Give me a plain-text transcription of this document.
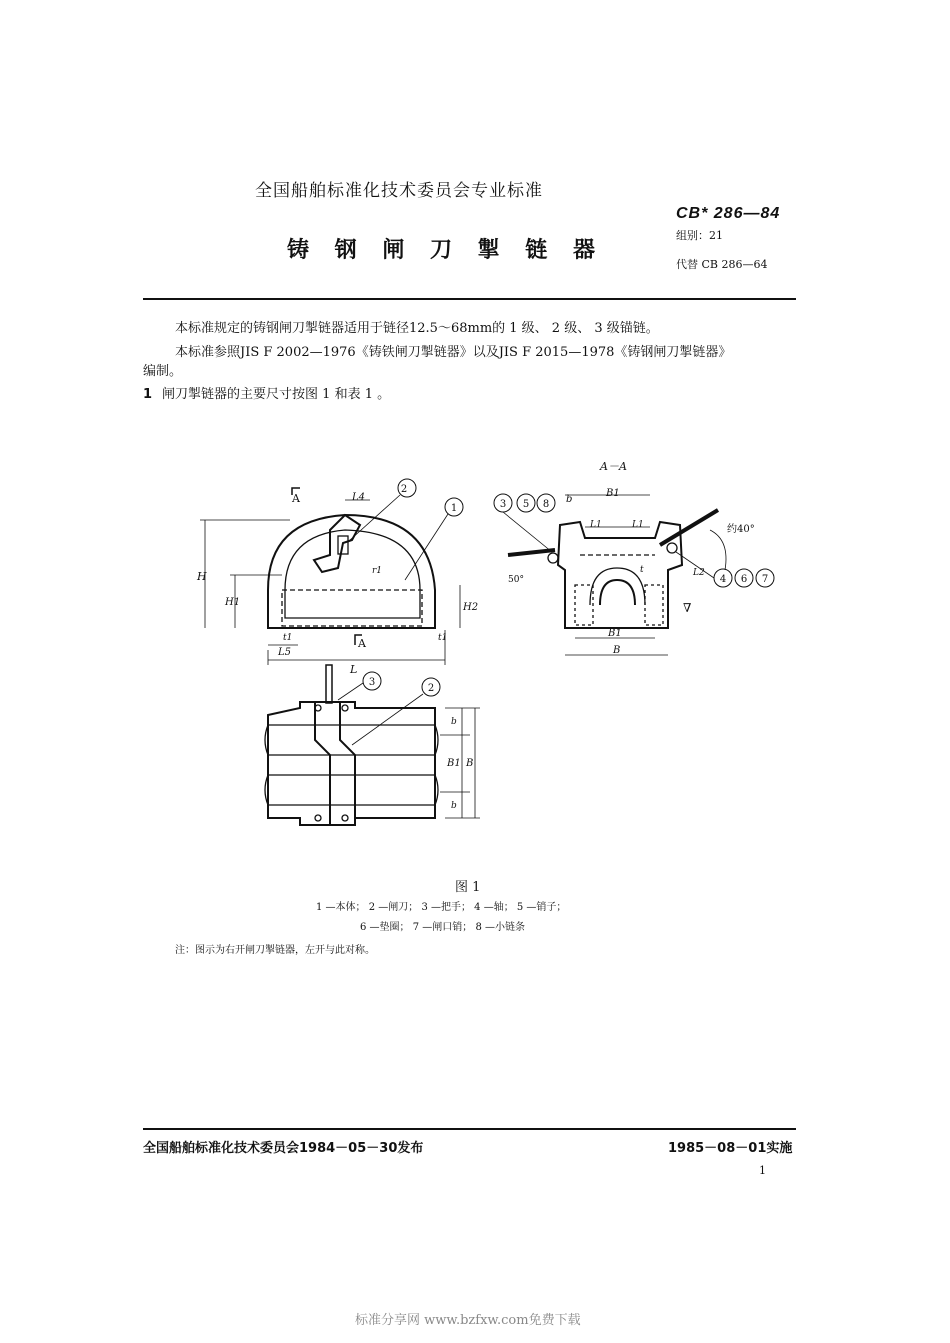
全国船舶标准化技术委员会专业标准
CB* 286—84
组别：21
铸 钢 闸 刀 掣 链 器
代替 CB 286—64
本标准规定的铸钢闸刀掣链器适用于链径12.5～68mm的 1 级、 2 级、 3 级锚链。
本标准参照JIS F 2002—1976《铸铁闸刀掣链器》以及JIS F 2015—1978《铸钢闸刀掣链器》
编制。
1 闸刀掣链器的主要尺寸按图 1 和表 1 。
A	L4
H
H1	H2
L
L5
t1	t1
r1
A
2
1
A－A
3 5 8
4 6 7
b
B1
L1	L1
L2
t
约40°
50°
∇
B1
B
3
2
b
b
B1 B
图 1
1 —本体； 2 —闸刀； 3 —把手； 4 —轴； 5 —销子；
6 —垫圈； 7 —闸口销； 8 —小链条
注：图示为右开闸刀掣链器，左开与此对称。
全国船舶标准化技术委员会1984－05－30发布	1985－08－01实施
1
标准分享网 www.bzfxw.com免费下载
